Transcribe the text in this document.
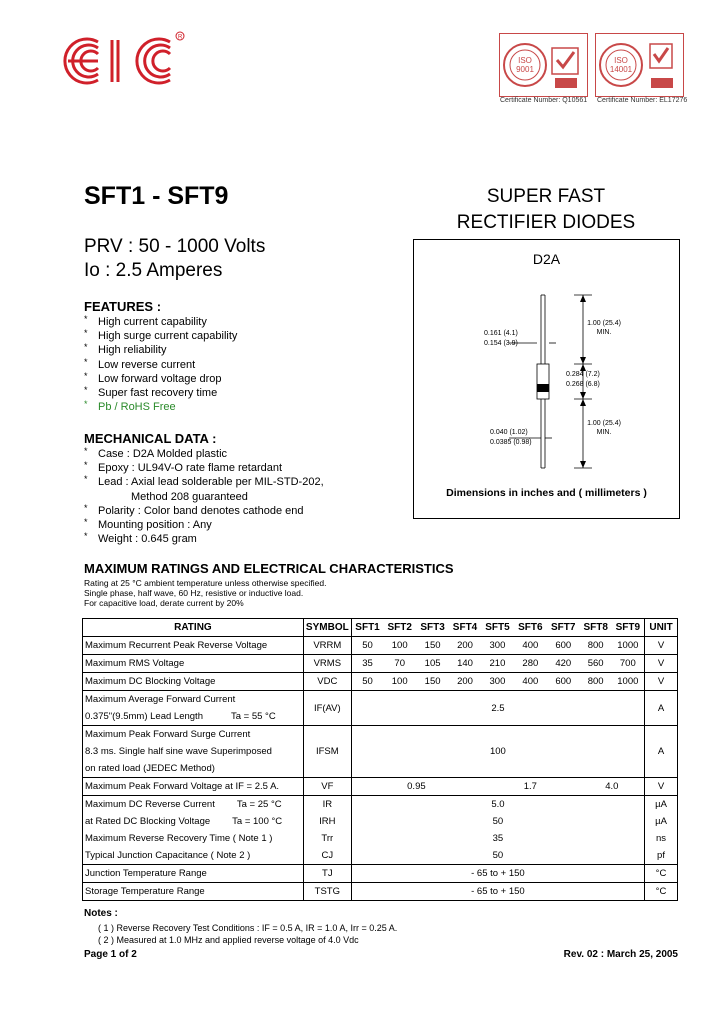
R
ISO
9001
Certificate Number: Q10561
ISO
14001
Certificate Number: EL17276
SFT1 - SFT9
PRV : 50 - 1000 Volts
Io : 2.5 Amperes
SUPER FAST
RECTIFIER DIODES
FEATURES :
* High current capability
* High surge current capability
* High reliability
* Low reverse current
* Low forward voltage drop
* Super fast recovery time
* Pb / RoHS Free
MECHANICAL DATA :
* Case : D2A Molded plastic
* Epoxy : UL94V-O rate flame retardant
* Lead : Axial lead solderable per MIL-STD-202,
Method 208 guaranteed
* Polarity : Color band denotes cathode end
* Mounting position : Any
* Weight : 0.645 gram
D2A
1.00 (25.4)
MIN.
0.161 (4.1)
0.154 (3.9)
0.284 (7.2)
0.268 (6.8)
1.00 (25.4)
MIN.
0.040 (1.02)
0.0385 (0.98)
Dimensions in inches and ( millimeters )
MAXIMUM RATINGS AND ELECTRICAL CHARACTERISTICS
Rating at 25 °C ambient temperature unless otherwise specified.
Single phase, half wave, 60 Hz, resistive or inductive load.
For capacitive load, derate current by 20%
RATING	SYMBOL	SFT1	SFT2	SFT3	SFT4	SFT5	SFT6	SFT7	SFT8	SFT9	UNIT
Maximum Recurrent Peak Reverse Voltage	VRRM	50	100	150	200	300	400	600	800	1000	V
Maximum RMS Voltage	VRMS	35	70	105	140	210	280	420	560	700	V
Maximum DC Blocking Voltage	VDC	50	100	150	200	300	400	600	800	1000	V
Maximum Average Forward Current											
0.375"(9.5mm) Lead Length Ta = 55 °C	IF(AV)	2.5									A
Maximum Peak Forward Surge Current											
8.3 ms. Single half sine wave Superimposed	IFSM	100									A
on rated load (JEDEC Method)											
Maximum Peak Forward Voltage at IF = 2.5 A.	VF	0.95				1.7			4.0		V
Maximum DC Reverse Current Ta = 25 °C	IR	5.0									µA
at Rated DC Blocking Voltage Ta = 100 °C	IRH	50									µA
Maximum Reverse Recovery Time ( Note 1 )	Trr	35									ns
Typical Junction Capacitance ( Note 2 )	CJ	50									pf
Junction Temperature Range	TJ	- 65 to + 150									°C
Storage Temperature Range	TSTG	- 65 to + 150									°C
Notes :
( 1 ) Reverse Recovery Test Conditions : IF = 0.5 A, IR = 1.0 A, Irr = 0.25 A.
( 2 ) Measured at 1.0 MHz and applied reverse voltage of 4.0 Vdc
Page 1 of 2	Rev. 02 : March 25, 2005
